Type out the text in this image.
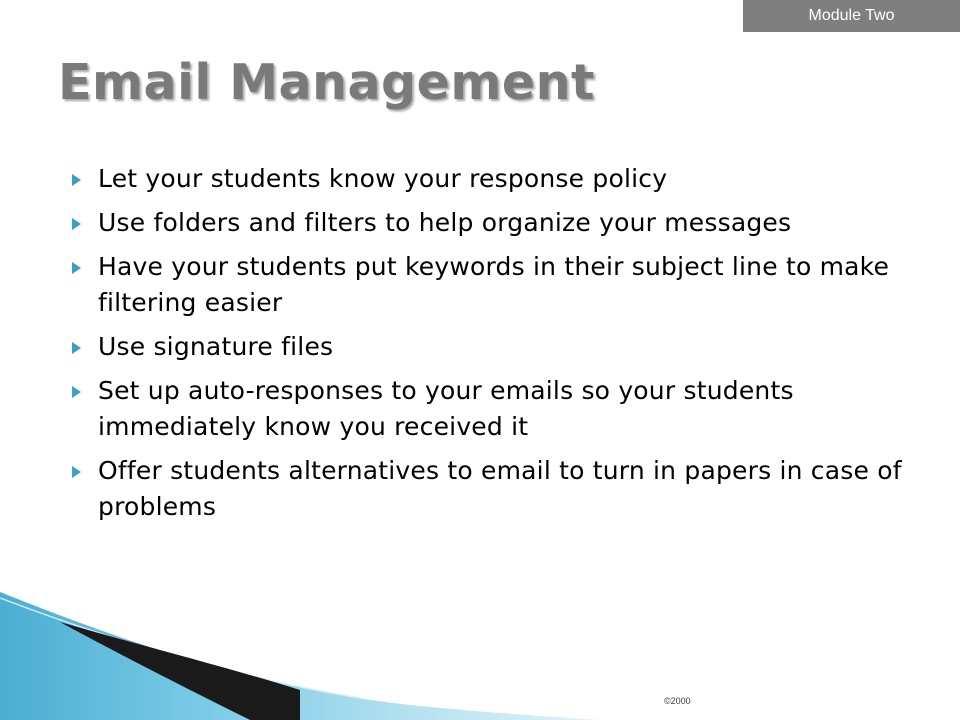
Module Two
Email Management
Let your students know your response policy
Use folders and filters to help organize your messages
Have your students put keywords in their subject line to make filtering easier
Use signature files
Set up auto-responses to your emails so your students immediately know you received it
Offer students alternatives to email to turn in papers in case of problems
©2000
